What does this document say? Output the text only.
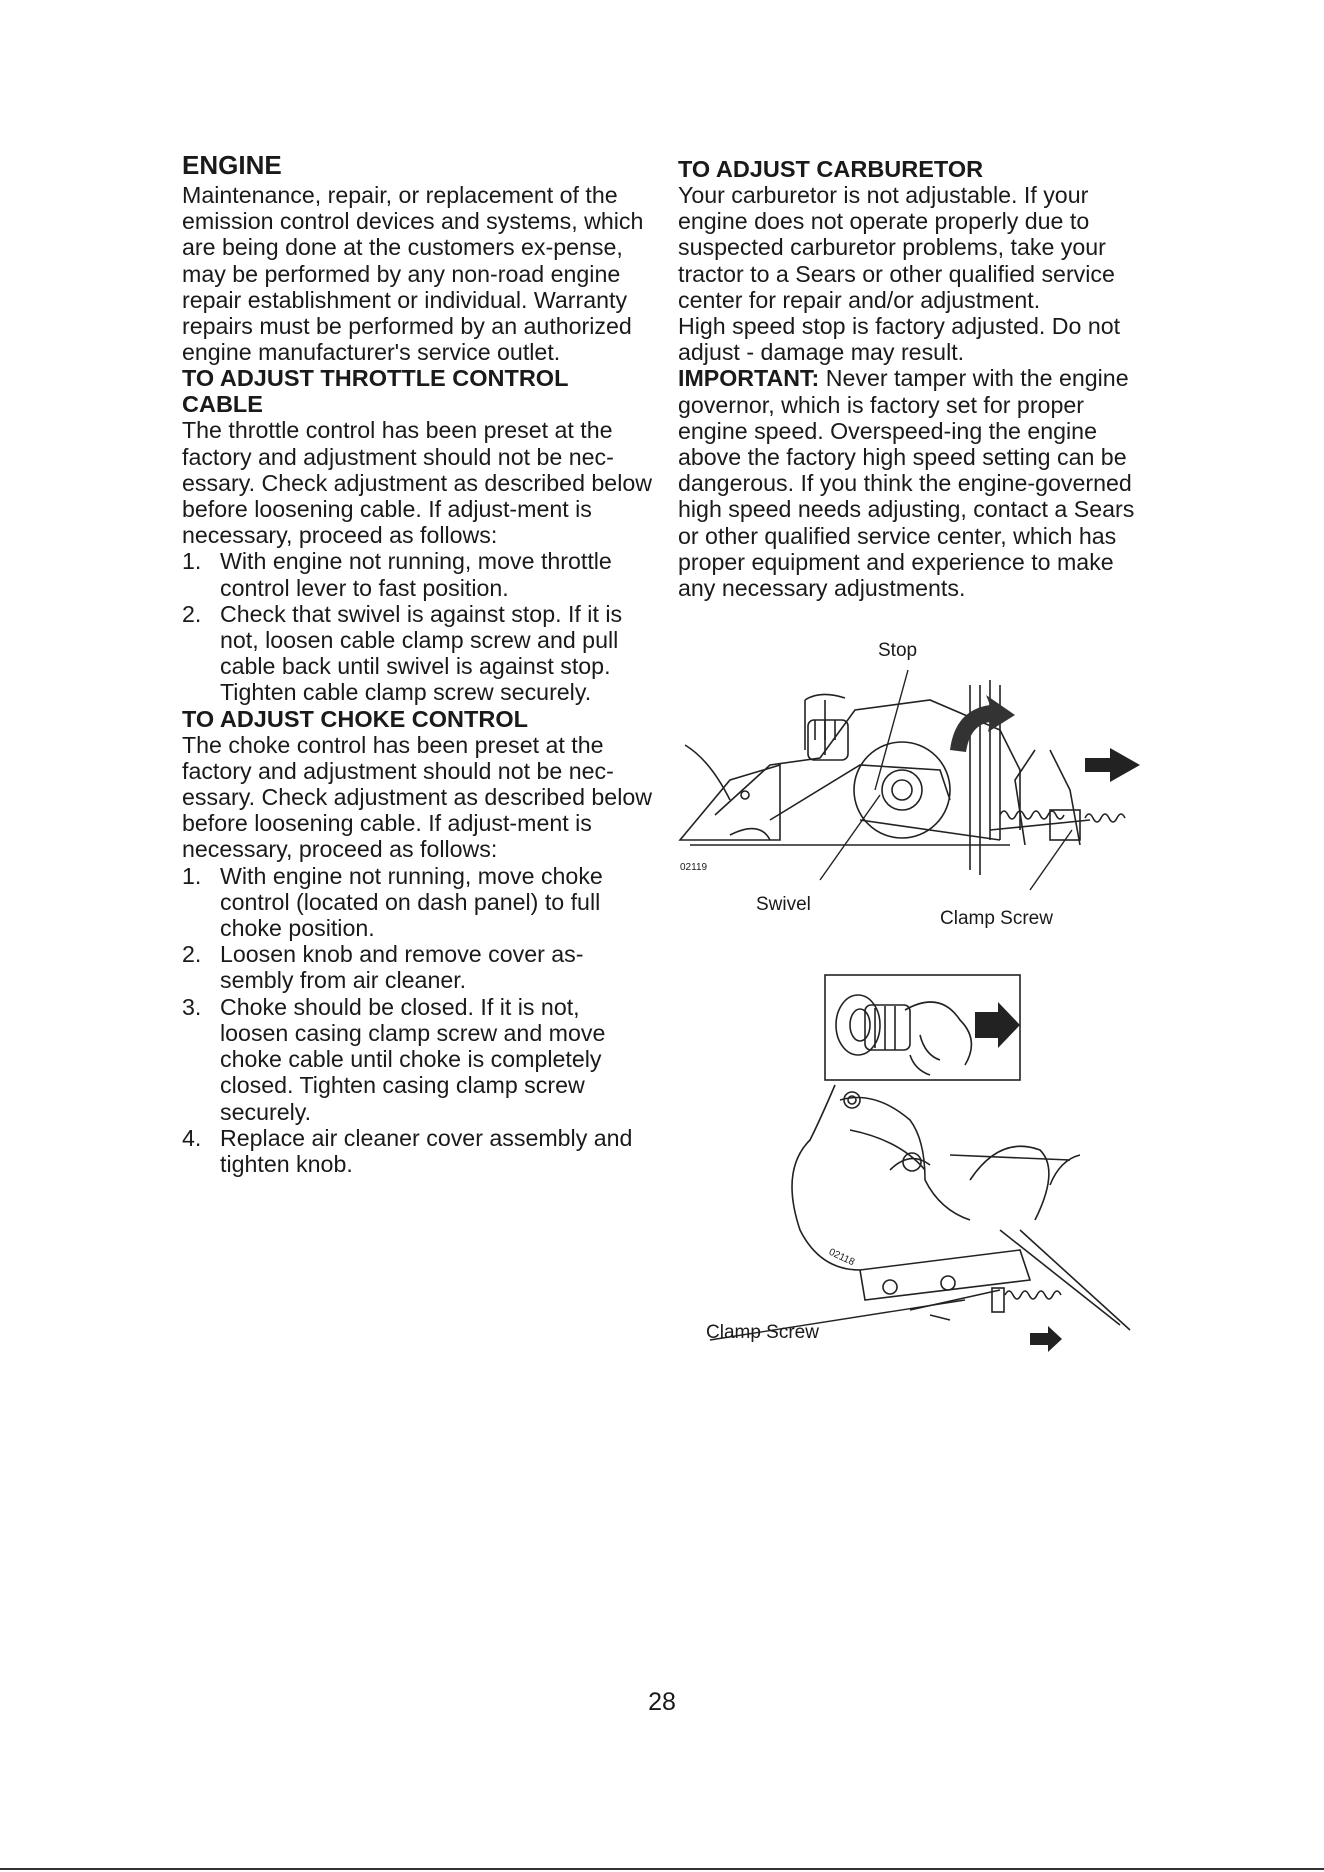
ENGINE

Maintenance, repair, or replacement of the emission control devices and systems, which are being done at the customers ex-pense, may be performed by any non-road engine repair establishment or individual. Warranty repairs must be performed by an authorized engine manufacturer's service outlet.

TO ADJUST THROTTLE CONTROL CABLE

The throttle control has been preset at the factory and adjustment should not be nec-essary. Check adjustment as described below before loosening cable. If adjust-ment is necessary, proceed as follows:

1. With engine not running, move throttle control lever to fast position.
2. Check that swivel is against stop. If it is not, loosen cable clamp screw and pull cable back until swivel is against stop. Tighten cable clamp screw securely.
TO ADJUST CHOKE CONTROL

The choke control has been preset at the factory and adjustment should not be nec-essary. Check adjustment as described below before loosening cable. If adjust-ment is necessary, proceed as follows:

1. With engine not running, move choke control (located on dash panel) to full choke position.
2. Loosen knob and remove cover as-sembly from air cleaner.
3. Choke should be closed. If it is not, loosen casing clamp screw and move choke cable until choke is completely closed. Tighten casing clamp screw securely.
4. Replace air cleaner cover assembly and tighten knob.
TO ADJUST CARBURETOR

Your carburetor is not adjustable. If your engine does not operate properly due to suspected carburetor problems, take your tractor to a Sears or other qualified service center for repair and/or adjustment.

High speed stop is factory adjusted. Do not adjust - damage may result.

IMPORTANT: Never tamper with the engine governor, which is factory set for proper engine speed. Overspeed-ing the engine above the factory high speed setting can be dangerous. If you think the engine-governed high speed needs adjusting, contact a Sears or other qualified service center, which has proper equipment and experience to make any necessary adjustments.

Stop
Swivel
Clamp Screw
02119
02118
Clamp Screw
28
